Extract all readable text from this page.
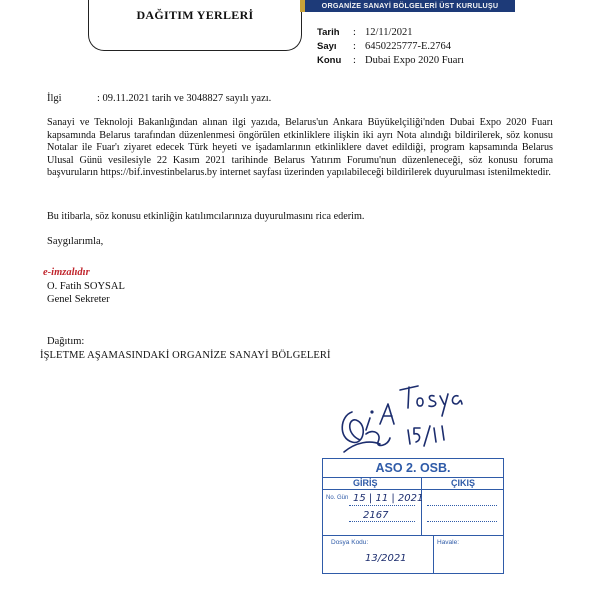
DAĞITIM YERLERİ
ORGANİZE SANAYİ BÖLGELERİ ÜST KURULUŞU
Tarih	: 12/11/2021
Sayı	: 6450225777-E.2764
Konu	: Dubai Expo 2020 Fuarı
İlgi	: 09.11.2021 tarih ve 3048827 sayılı yazı.
Sanayi ve Teknoloji Bakanlığından alınan ilgi yazıda, Belarus'un Ankara Büyükelçiliği'nden Dubai Expo 2020 Fuarı kapsamında Belarus tarafından düzenlenmesi öngörülen etkinliklere ilişkin iki ayrı Nota alındığı bildirilerek, söz konusu Notalar ile Fuar'ı ziyaret edecek Türk heyeti ve işadamlarının etkinliklere davet edildiği, program kapsamında Belarus Ulusal Günü vesilesiyle 22 Kasım 2021 tarihinde Belarus Yatırım Forumu'nun düzenleneceği, söz konusu foruma başvuruların https://bif.investinbelarus.by internet sayfası üzerinden yapılabileceği bildirilerek duyurulması istenilmektedir.
Bu itibarla, söz konusu etkinliğin katılımcılarınıza duyurulmasını rica ederim.
Saygılarımla,
e-imzalıdır
O. Fatih SOYSAL
Genel Sekreter
Dağıtım:
İŞLETME AŞAMASINDAKİ ORGANİZE SANAYİ BÖLGELERİ
ASO 2. OSB.
GİRİŞ	ÇIKIŞ
No. Gün 15 | 11 | 2021
2167
Dosya Kodu:	Havale:
13/2021
